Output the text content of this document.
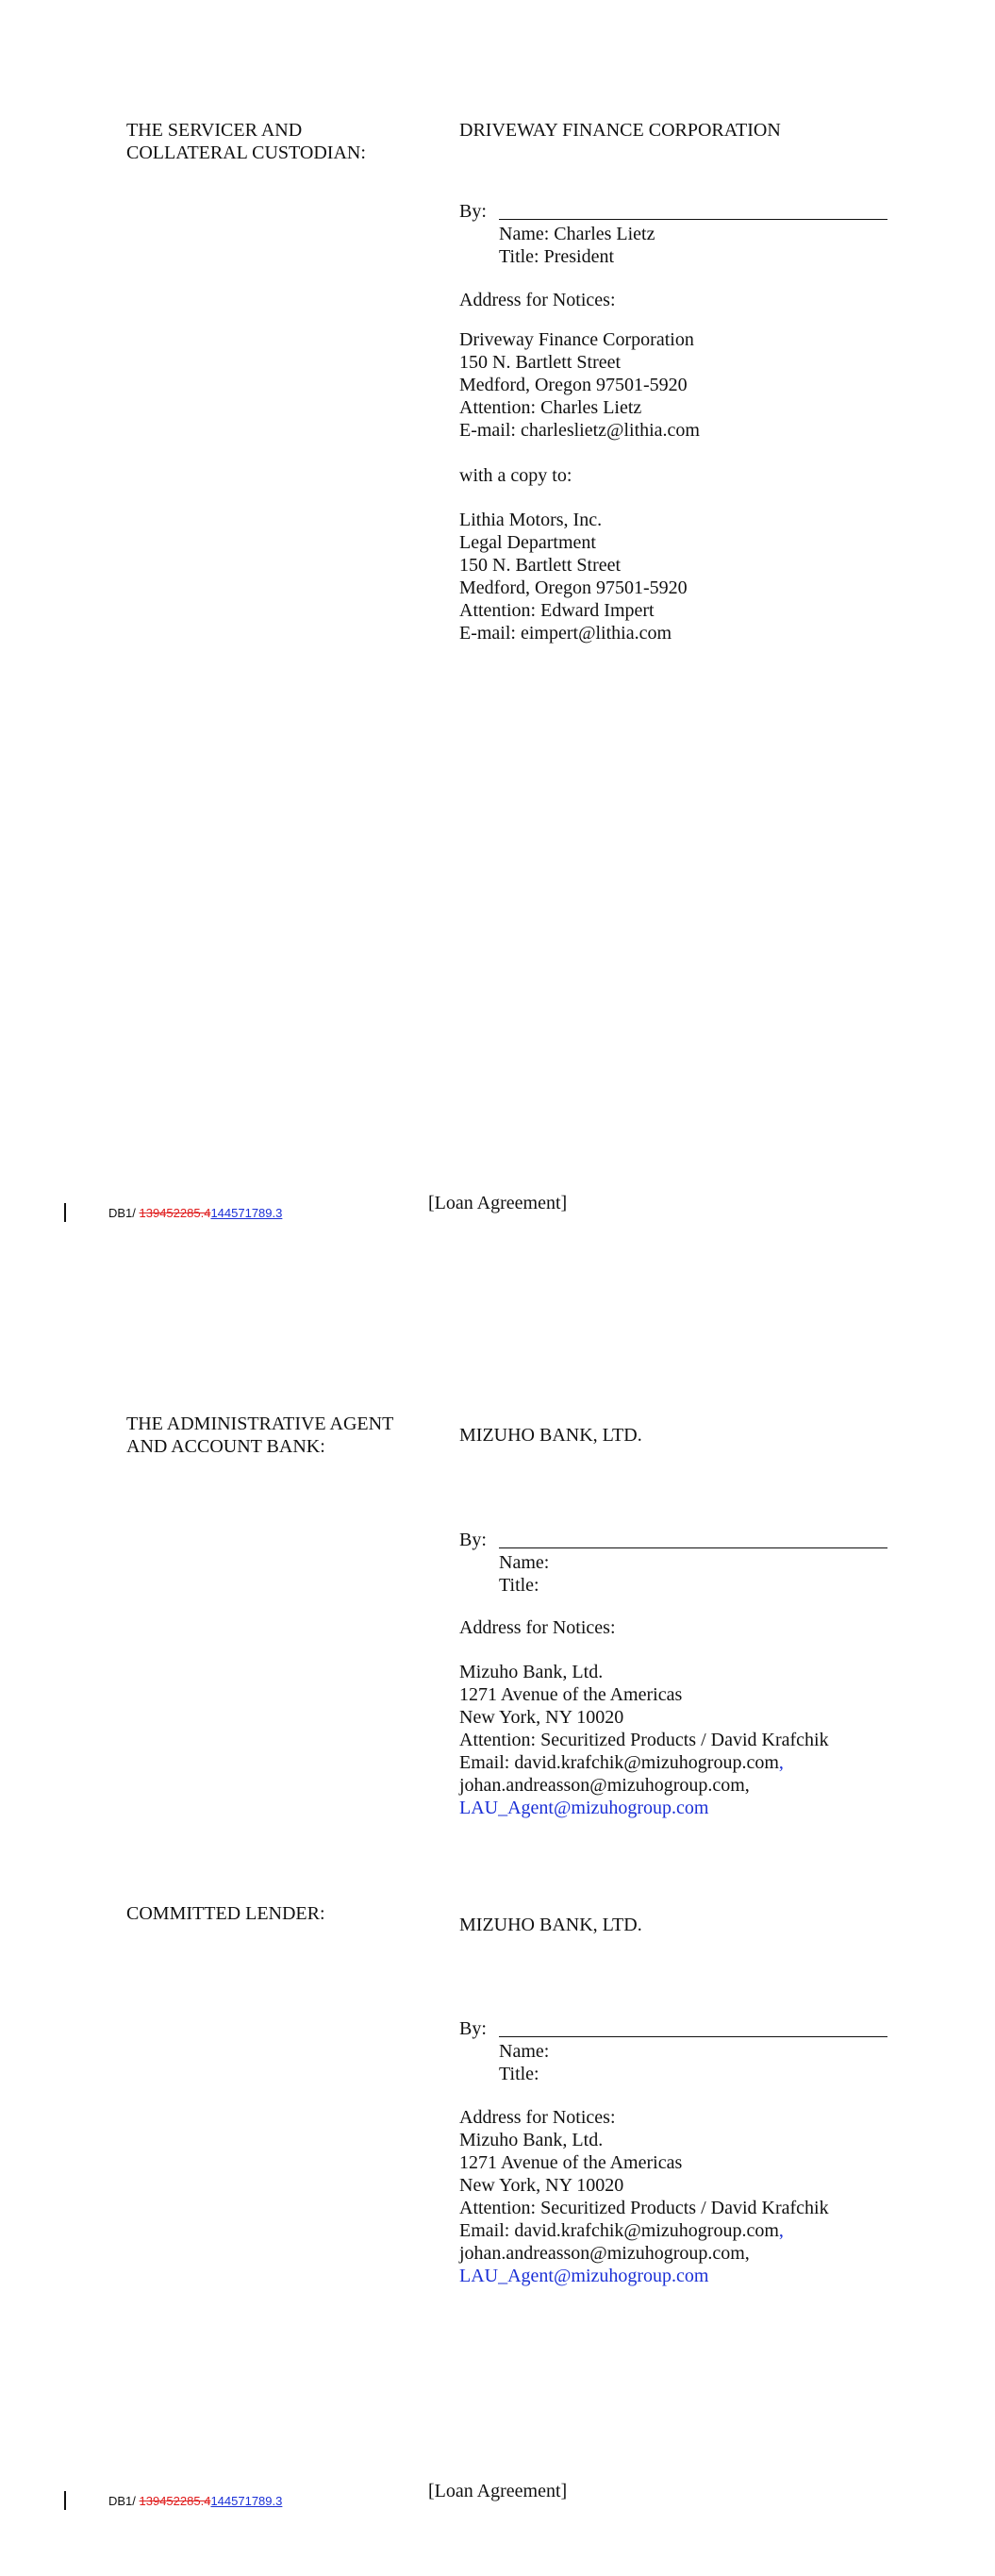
THE SERVICER AND
COLLATERAL CUSTODIAN:
DRIVEWAY FINANCE CORPORATION
By:
Name: Charles Lietz
Title: President
Address for Notices:
Driveway Finance Corporation
150 N. Bartlett Street
Medford, Oregon 97501-5920
Attention: Charles Lietz
E-mail: charleslietz@lithia.com
with a copy to:
Lithia Motors, Inc.
Legal Department
150 N. Bartlett Street
Medford, Oregon 97501-5920
Attention: Edward Impert
E-mail: eimpert@lithia.com
DB1/ 139452285.4144571789.3	[Loan Agreement]
THE ADMINISTRATIVE AGENT
AND ACCOUNT BANK:
MIZUHO BANK, LTD.
By:
Name:
Title:
Address for Notices:
Mizuho Bank, Ltd.
1271 Avenue of the Americas
New York, NY 10020
Attention: Securitized Products / David Krafchik
Email: david.krafchik@mizuhogroup.com,
johan.andreasson@mizuhogroup.com,
LAU_Agent@mizuhogroup.com
COMMITTED LENDER:
MIZUHO BANK, LTD.
By:
Name:
Title:
Address for Notices:
Mizuho Bank, Ltd.
1271 Avenue of the Americas
New York, NY 10020
Attention: Securitized Products / David Krafchik
Email: david.krafchik@mizuhogroup.com,
johan.andreasson@mizuhogroup.com,
LAU_Agent@mizuhogroup.com
DB1/ 139452285.4144571789.3	[Loan Agreement]
